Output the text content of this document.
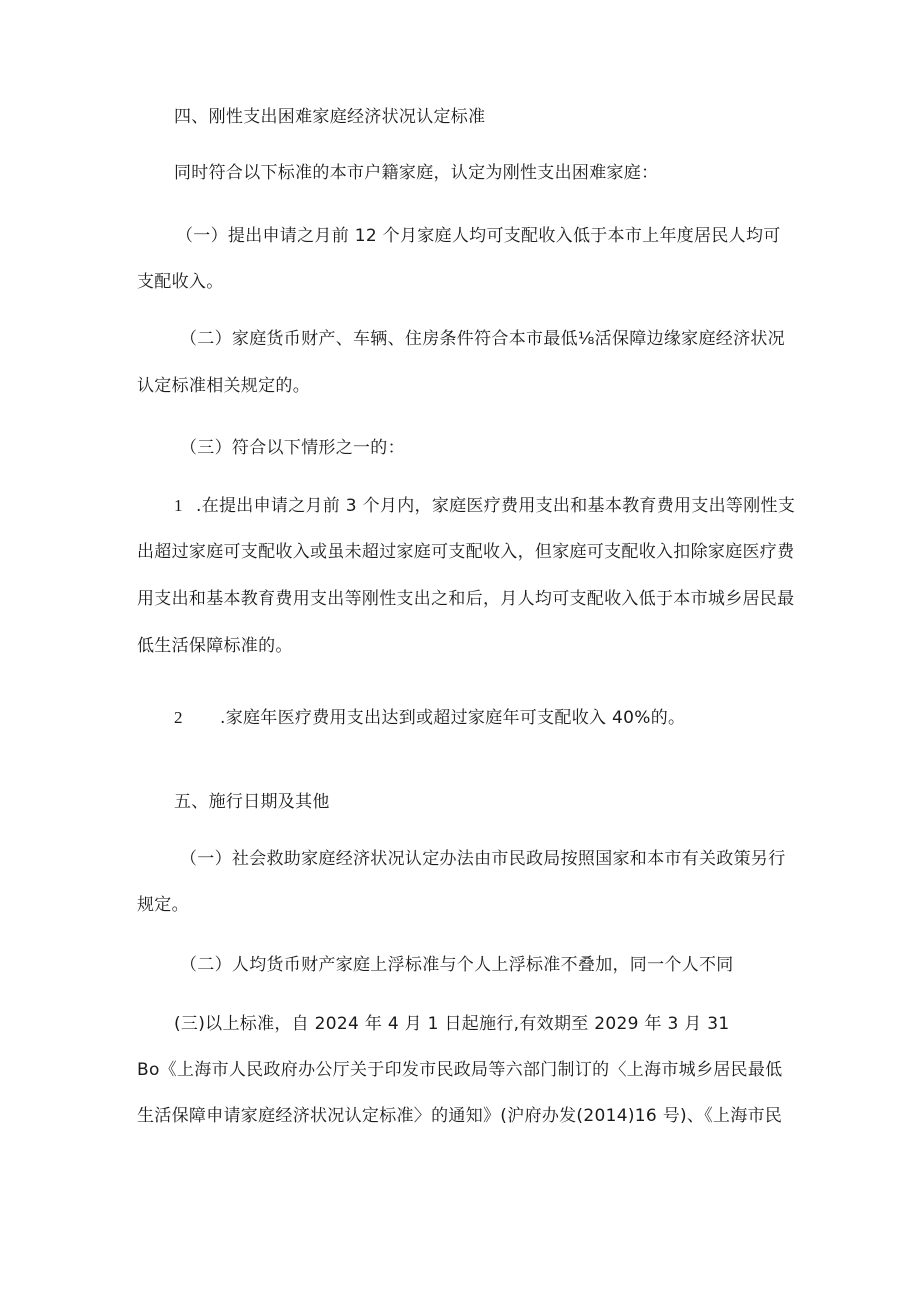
四、刚性支出困难家庭经济状况认定标准
同时符合以下标准的本市户籍家庭，认定为刚性支出困难家庭：
（一）提出申请之月前 12 个月家庭人均可支配收入低于本市上年度居民人均可
支配收入。
（二）家庭货币财产、车辆、住房条件符合本市最低⅛活保障边缘家庭经济状况
认定标准相关规定的。
（三）符合以下情形之一的：
1 .在提出申请之月前 3 个月内，家庭医疗费用支出和基本教育费用支出等刚性支
出超过家庭可支配收入或虽未超过家庭可支配收入，但家庭可支配收入扣除家庭医疗费
用支出和基本教育费用支出等刚性支出之和后，月人均可支配收入低于本市城乡居民最
低生活保障标准的。
2 .家庭年医疗费用支出达到或超过家庭年可支配收入 40%的。
五、施行日期及其他
（一）社会救助家庭经济状况认定办法由市民政局按照国家和本市有关政策另行
规定。
（二）人均货币财产家庭上浮标准与个人上浮标准不叠加，同一个人不同
(三)以上标准，自 2024 年 4 月 1 日起施行,有效期至 2029 年 3 月 31
Bo《上海市人民政府办公厅关于印发市民政局等六部门制订的〈上海市城乡居民最低
生活保障申请家庭经济状况认定标准〉的通知》(沪府办发(2014)16 号)、《上海市民
